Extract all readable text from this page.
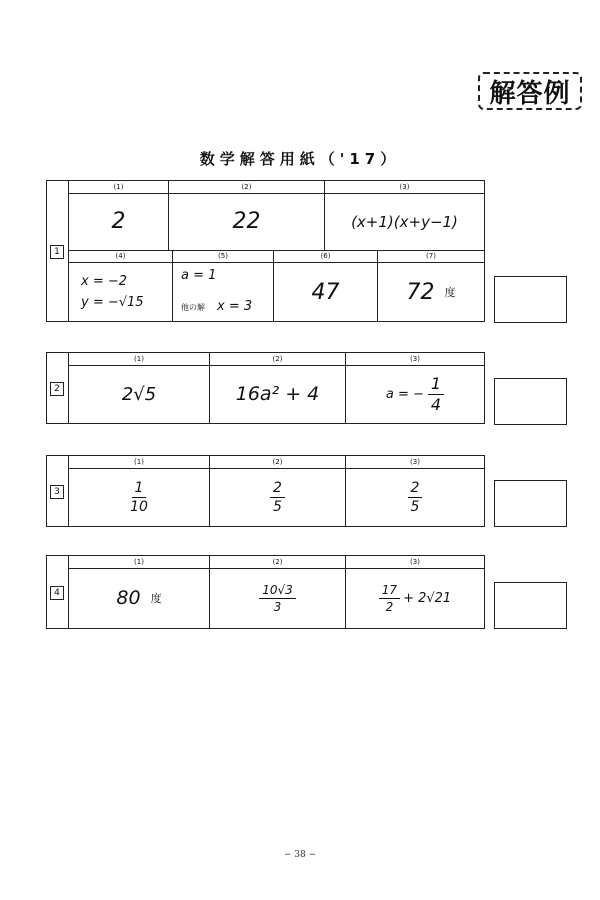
解答例
数学解答用紙（'17）
1
(1)
2
(2)
22
(3)
(x+1)(x+y−1)
(4)
x = −2
y = −√15
(5)
a = 1
他の解 x = 3
(6)
47
(7)
72 度
2
(1)
2√5
(2)
16a² + 4
(3)
a = − $\frac{1}{4}$
3
(1)
$\frac{1}{10}$
(2)
$\frac{2}{5}$
(3)
$\frac{2}{5}$
4
(1)
80 度
(2)
$\frac{10√3}{3}$
(3)
$\frac{17}{2} + 2√21$
− 38 −
